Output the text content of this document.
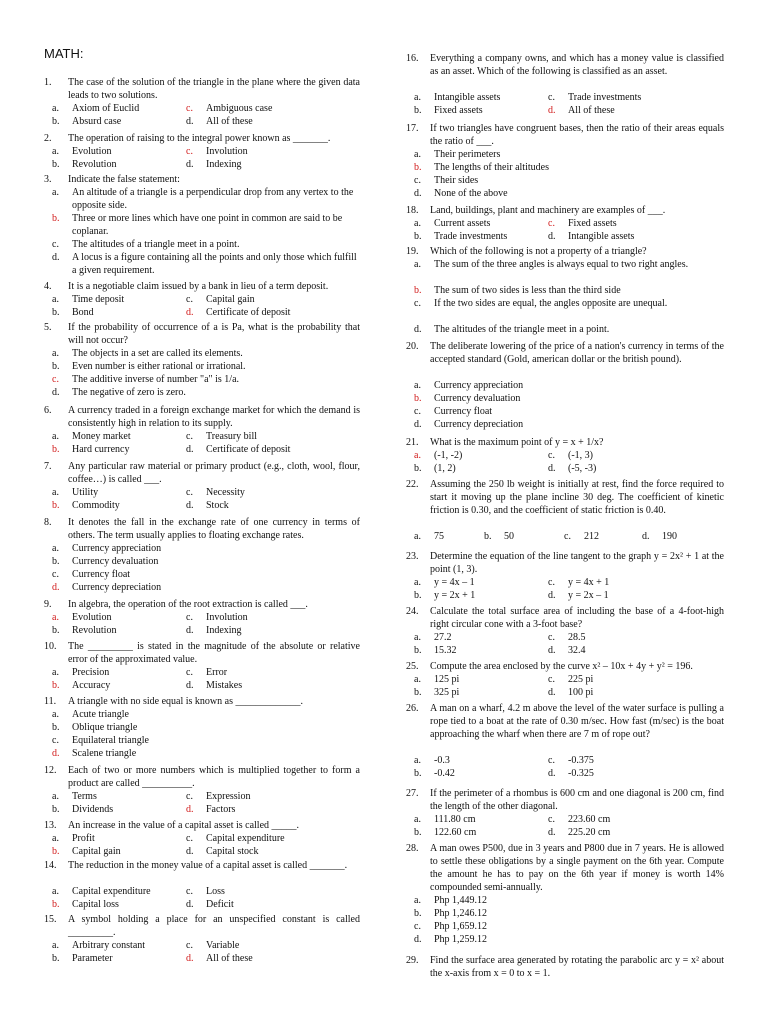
MATH:
1.	The case of the solution of the triangle in the plane where the given data leads to two solutions.
a.	Axiom of Euclid
b.	Absurd case
c.	Ambiguous case
d.	All of these
2.	The operation of raising to the integral power known as _______.
a.	Evolution
b.	Revolution
c.	Involution
d.	Indexing
3.	Indicate the false statement:
a.	An altitude of a triangle is a perpendicular drop from any vertex to the opposite side.
b.	Three or more lines which have one point in common are said to be coplanar.
c.	The altitudes of a triangle meet in a point.
d.	A locus is a figure containing all the points and only those which fulfill a given requirement.
4.	It is a negotiable claim issued by a bank in lieu of a term deposit.
a.	Time deposit
b.	Bond
c.	Capital gain
d.	Certificate of deposit
5.	If the probability of occurrence of a is Pa, what is the probability that will not occur?
a.	The objects in a set are called its elements.
b.	Even number is either rational or irrational.
c.	The additive inverse of number "a" is 1/a.
d.	The negative of zero is zero.
6.	A currency traded in a foreign exchange market for which the demand is consistently high in relation to its supply.
a.	Money market
b.	Hard currency
c.	Treasury bill
d.	Certificate of deposit
7.	Any particular raw material or primary product (e.g., cloth, wool, flour, coffee…) is called ___.
a.	Utility
b.	Commodity
c.	Necessity
d.	Stock
8.	It denotes the fall in the exchange rate of one currency in terms of others. The term usually applies to floating exchange rates.
a.	Currency appreciation
b.	Currency devaluation
c.	Currency float
d.	Currency depreciation
9.	In algebra, the operation of the root extraction is called ___.
a.	Evolution
b.	Revolution
c.	Involution
d.	Indexing
10.	The _________ is stated in the magnitude of the absolute or relative error of the approximated value.
a.	Precision
b.	Accuracy
c.	Error
d.	Mistakes
11.	A triangle with no side equal is known as _____________.
a.	Acute triangle
b.	Oblique triangle
c.	Equilateral triangle
d.	Scalene triangle
12.	Each of two or more numbers which is multiplied together to form a product are called __________.
a.	Terms
b.	Dividends
c.	Expression
d.	Factors
13.	An increase in the value of a capital asset is called _____.
a.	Profit
b.	Capital gain
c.	Capital expenditure
d.	Capital stock
14.	The reduction in the money value of a capital asset is called _______.
a.	Capital expenditure
b.	Capital loss
c.	Loss
d.	Deficit
15.	A symbol holding a place for an unspecified constant is called _________.
a.	Arbitrary constant
b.	Parameter
c.	Variable
d.	All of these
16.	Everything a company owns, and which has a money value is classified as an asset. Which of the following is classified as an asset.
a.	Intangible assets
b.	Fixed assets
c.	Trade investments
d.	All of these
17.	If two triangles have congruent bases, then the ratio of their areas equals the ratio of ___.
a.	Their perimeters
b.	The lengths of their altitudes
c.	Their sides
d.	None of the above
18.	Land, buildings, plant and machinery are examples of ___.
a.	Current assets
b.	Trade investments
c.	Fixed assets
d.	Intangible assets
19.	Which of the following is not a property of a triangle?
a.	The sum of the three angles is always equal to two right angles.
b.	The sum of two sides is less than the third side
c.	If the two sides are equal, the angles opposite are unequal.
d.	The altitudes of the triangle meet in a point.
20.	The deliberate lowering of the price of a nation's currency in terms of the accepted standard (Gold, american dollar or the british pound).
a.	Currency appreciation
b.	Currency devaluation
c.	Currency float
d.	Currency depreciation
21.	What is the maximum point of y = x + 1/x?
a.	(-1, -2)
b.	(1, 2)
c.	(-1, 3)
d.	(-5, -3)
22.	Assuming the 250 lb weight is initially at rest, find the force required to start it moving up the plane incline 30 deg. The coefficient of kinetic friction is 0.30, and the coefficient of static friction is 0.40.
a.	75	b.	50	c.	212	d.	190
23.	Determine the equation of the line tangent to the graph y = 2x² + 1 at the point (1, 3).
a.	y = 4x – 1
b.	y = 2x + 1
c.	y = 4x + 1
d.	y = 2x – 1
24.	Calculate the total surface area of including the base of a 4-foot-high right circular cone with a 3-foot base?
a.	27.2
b.	15.32
c.	28.5
d.	32.4
25.	Compute the area enclosed by the curve x² – 10x + 4y + y² = 196.
a.	125 pi
b.	325 pi
c.	225 pi
d.	100 pi
26.	A man on a wharf, 4.2 m above the level of the water surface is pulling a rope tied to a boat at the rate of 0.30 m/sec. How fast (m/sec) is the boat approaching the wharf when there are 7 m of rope out?
a.	-0.3
b.	-0.42
c.	-0.375
d.	-0.325
27.	If the perimeter of a rhombus is 600 cm and one diagonal is 200 cm, find the length of the other diagonal.
a.	111.80 cm
b.	122.60 cm
c.	223.60 cm
d.	225.20 cm
28.	A man owes P500, due in 3 years and P800 due in 7 years. He is allowed to settle these obligations by a single payment on the 6th year. Compute the amount he has to pay on the 6th year if money is worth 14% compounded semi-annually.
a.	Php 1,449.12
b.	Php 1,246.12
c.	Php 1,659.12
d.	Php 1,259.12
29.	Find the surface area generated by rotating the parabolic arc y = x² about the x-axis from x = 0 to x = 1.
